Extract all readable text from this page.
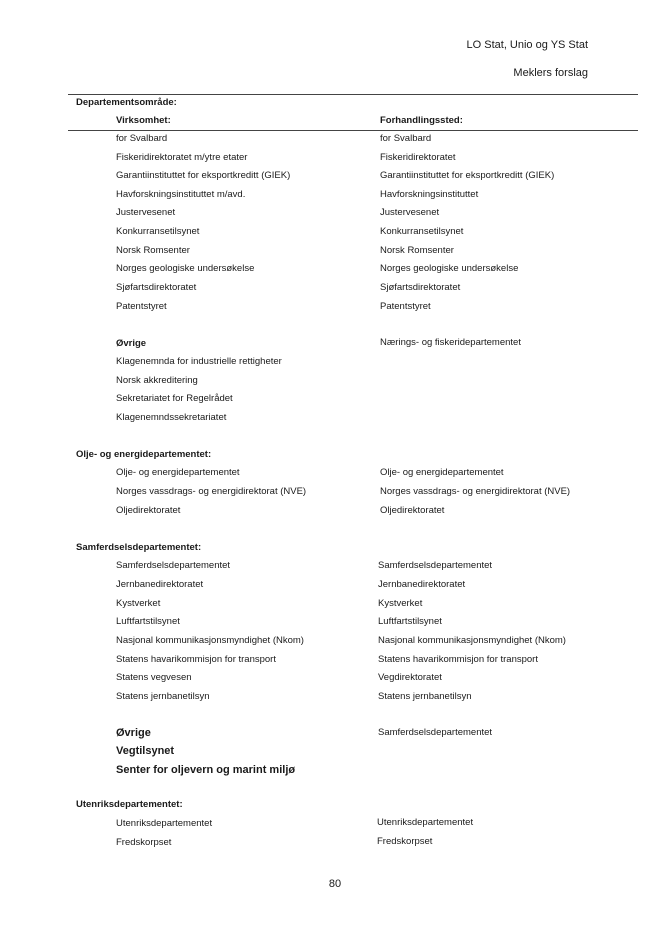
LO Stat, Unio og YS Stat
Meklers forslag
Departementsområde:
Virksomhet:	Forhandlingssted:
for Svalbard	for Svalbard
Fiskeridirektoratet m/ytre etater	Fiskeridirektoratet
Garantiinstituttet for eksportkreditt (GIEK)	Garantiinstituttet for eksportkreditt (GIEK)
Havforskningsinstituttet m/avd.	Havforskningsinstituttet
Justervesenet	Justervesenet
Konkurransetilsynet	Konkurransetilsynet
Norsk Romsenter	Norsk Romsenter
Norges geologiske undersøkelse	Norges geologiske undersøkelse
Sjøfartsdirektoratet	Sjøfartsdirektoratet
Patentstyret	Patentstyret
Øvrige	Nærings- og fiskeridepartementet
Klagenemnda for industrielle rettigheter
Norsk akkreditering
Sekretariatet for Regelrådet
Klagenemndssekretariatet
Olje- og energidepartementet:
Olje- og energidepartementet	Olje- og energidepartementet
Norges vassdrags- og energidirektorat (NVE)	Norges vassdrags- og energidirektorat (NVE)
Oljedirektoratet	Oljedirektoratet
Samferdselsdepartementet:
Samferdselsdepartementet	Samferdselsdepartementet
Jernbanedirektoratet	Jernbanedirektoratet
Kystverket	Kystverket
Luftfartstilsynet	Luftfartstilsynet
Nasjonal kommunikasjonsmyndighet (Nkom)	Nasjonal kommunikasjonsmyndighet (Nkom)
Statens havarikommisjon for transport	Statens havarikommisjon for transport
Statens vegvesen	Vegdirektoratet
Statens jernbanetilsyn	Statens jernbanetilsyn
Øvrige	Samferdselsdepartementet
Vegtilsynet
Senter for oljevern og marint miljø
Utenriksdepartementet:
Utenriksdepartementet	Utenriksdepartementet
Fredskorpset	Fredskorpset
80
